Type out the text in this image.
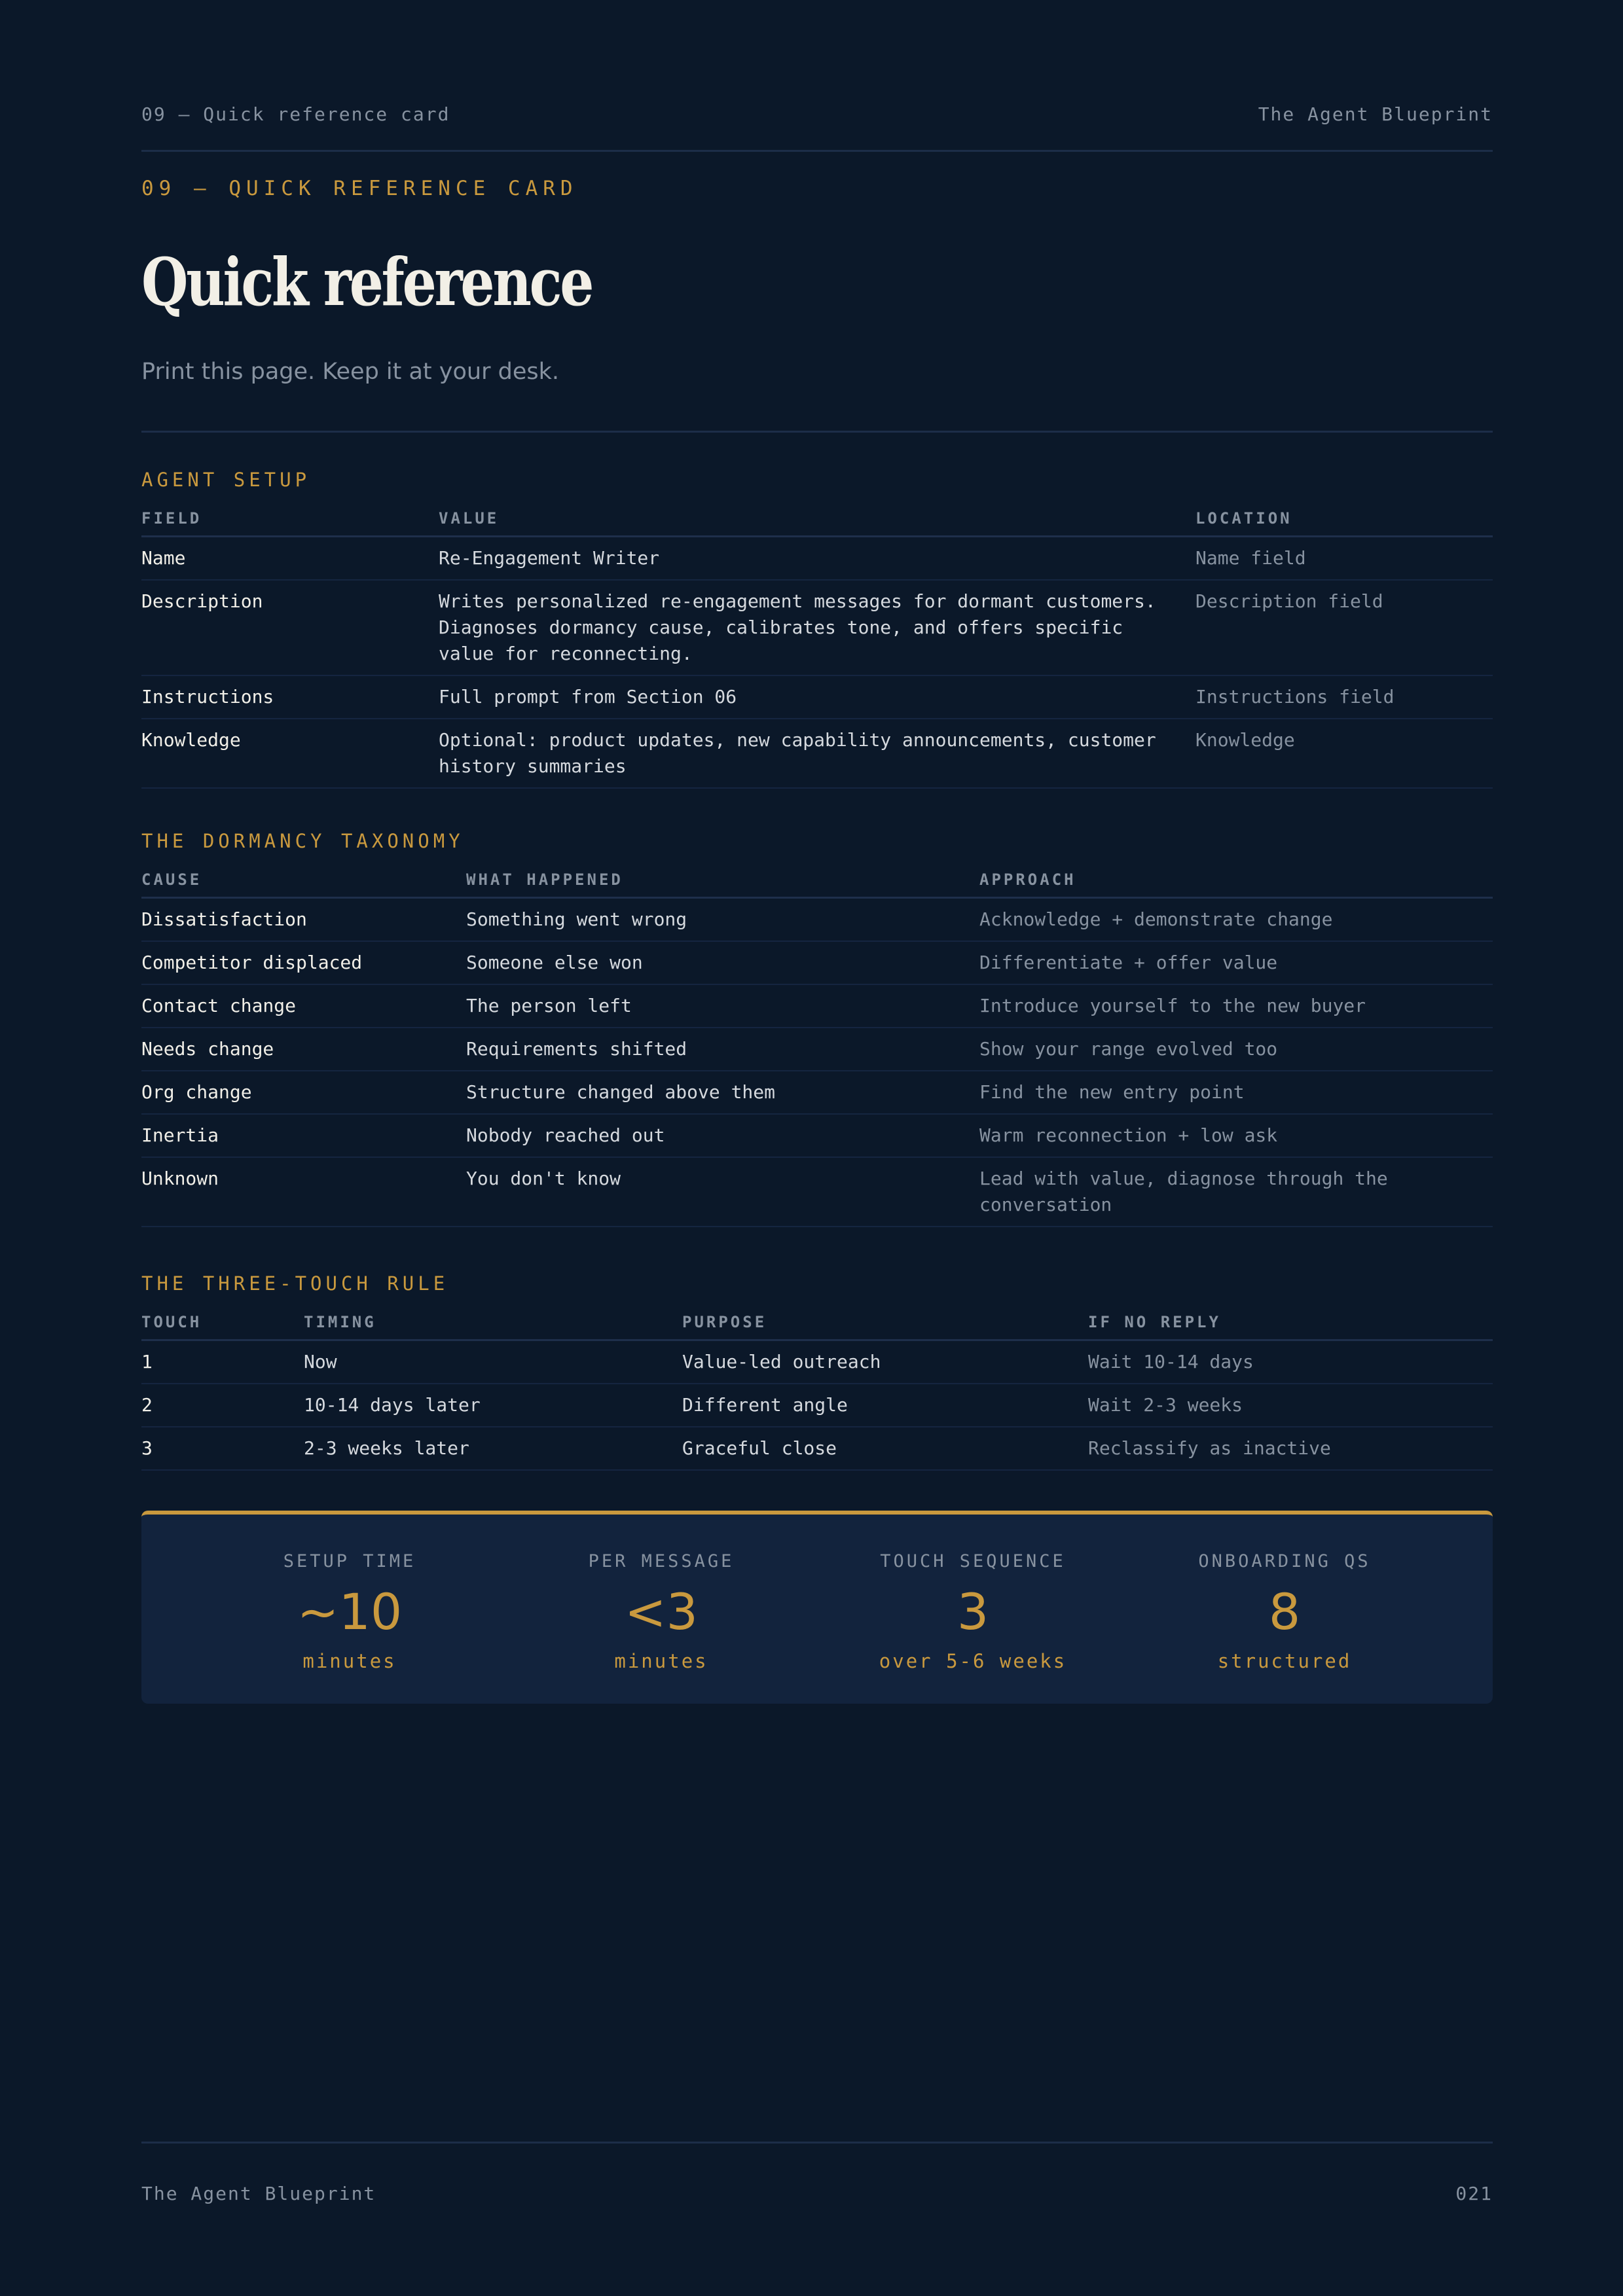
09 — Quick reference card	The Agent Blueprint
09 — QUICK REFERENCE CARD
Quick reference
Print this page. Keep it at your desk.
AGENT SETUP
FIELD	VALUE	LOCATION
Name	Re-Engagement Writer	Name field
Description	Writes personalized re-engagement messages for dormant customers. Diagnoses dormancy cause, calibrates tone, and offers specific value for reconnecting.	Description field
Instructions	Full prompt from Section 06	Instructions field
Knowledge	Optional: product updates, new capability announcements, customer history summaries	Knowledge
THE DORMANCY TAXONOMY
CAUSE	WHAT HAPPENED	APPROACH
Dissatisfaction	Something went wrong	Acknowledge + demonstrate change
Competitor displaced	Someone else won	Differentiate + offer value
Contact change	The person left	Introduce yourself to the new buyer
Needs change	Requirements shifted	Show your range evolved too
Org change	Structure changed above them	Find the new entry point
Inertia	Nobody reached out	Warm reconnection + low ask
Unknown	You don't know	Lead with value, diagnose through the conversation
THE THREE-TOUCH RULE
TOUCH	TIMING	PURPOSE	IF NO REPLY
1	Now	Value-led outreach	Wait 10-14 days
2	10-14 days later	Different angle	Wait 2-3 weeks
3	2-3 weeks later	Graceful close	Reclassify as inactive
SETUP TIME
~10
minutes
PER MESSAGE
<3
minutes
TOUCH SEQUENCE
3
over 5-6 weeks
ONBOARDING QS
8
structured
The Agent Blueprint	021
